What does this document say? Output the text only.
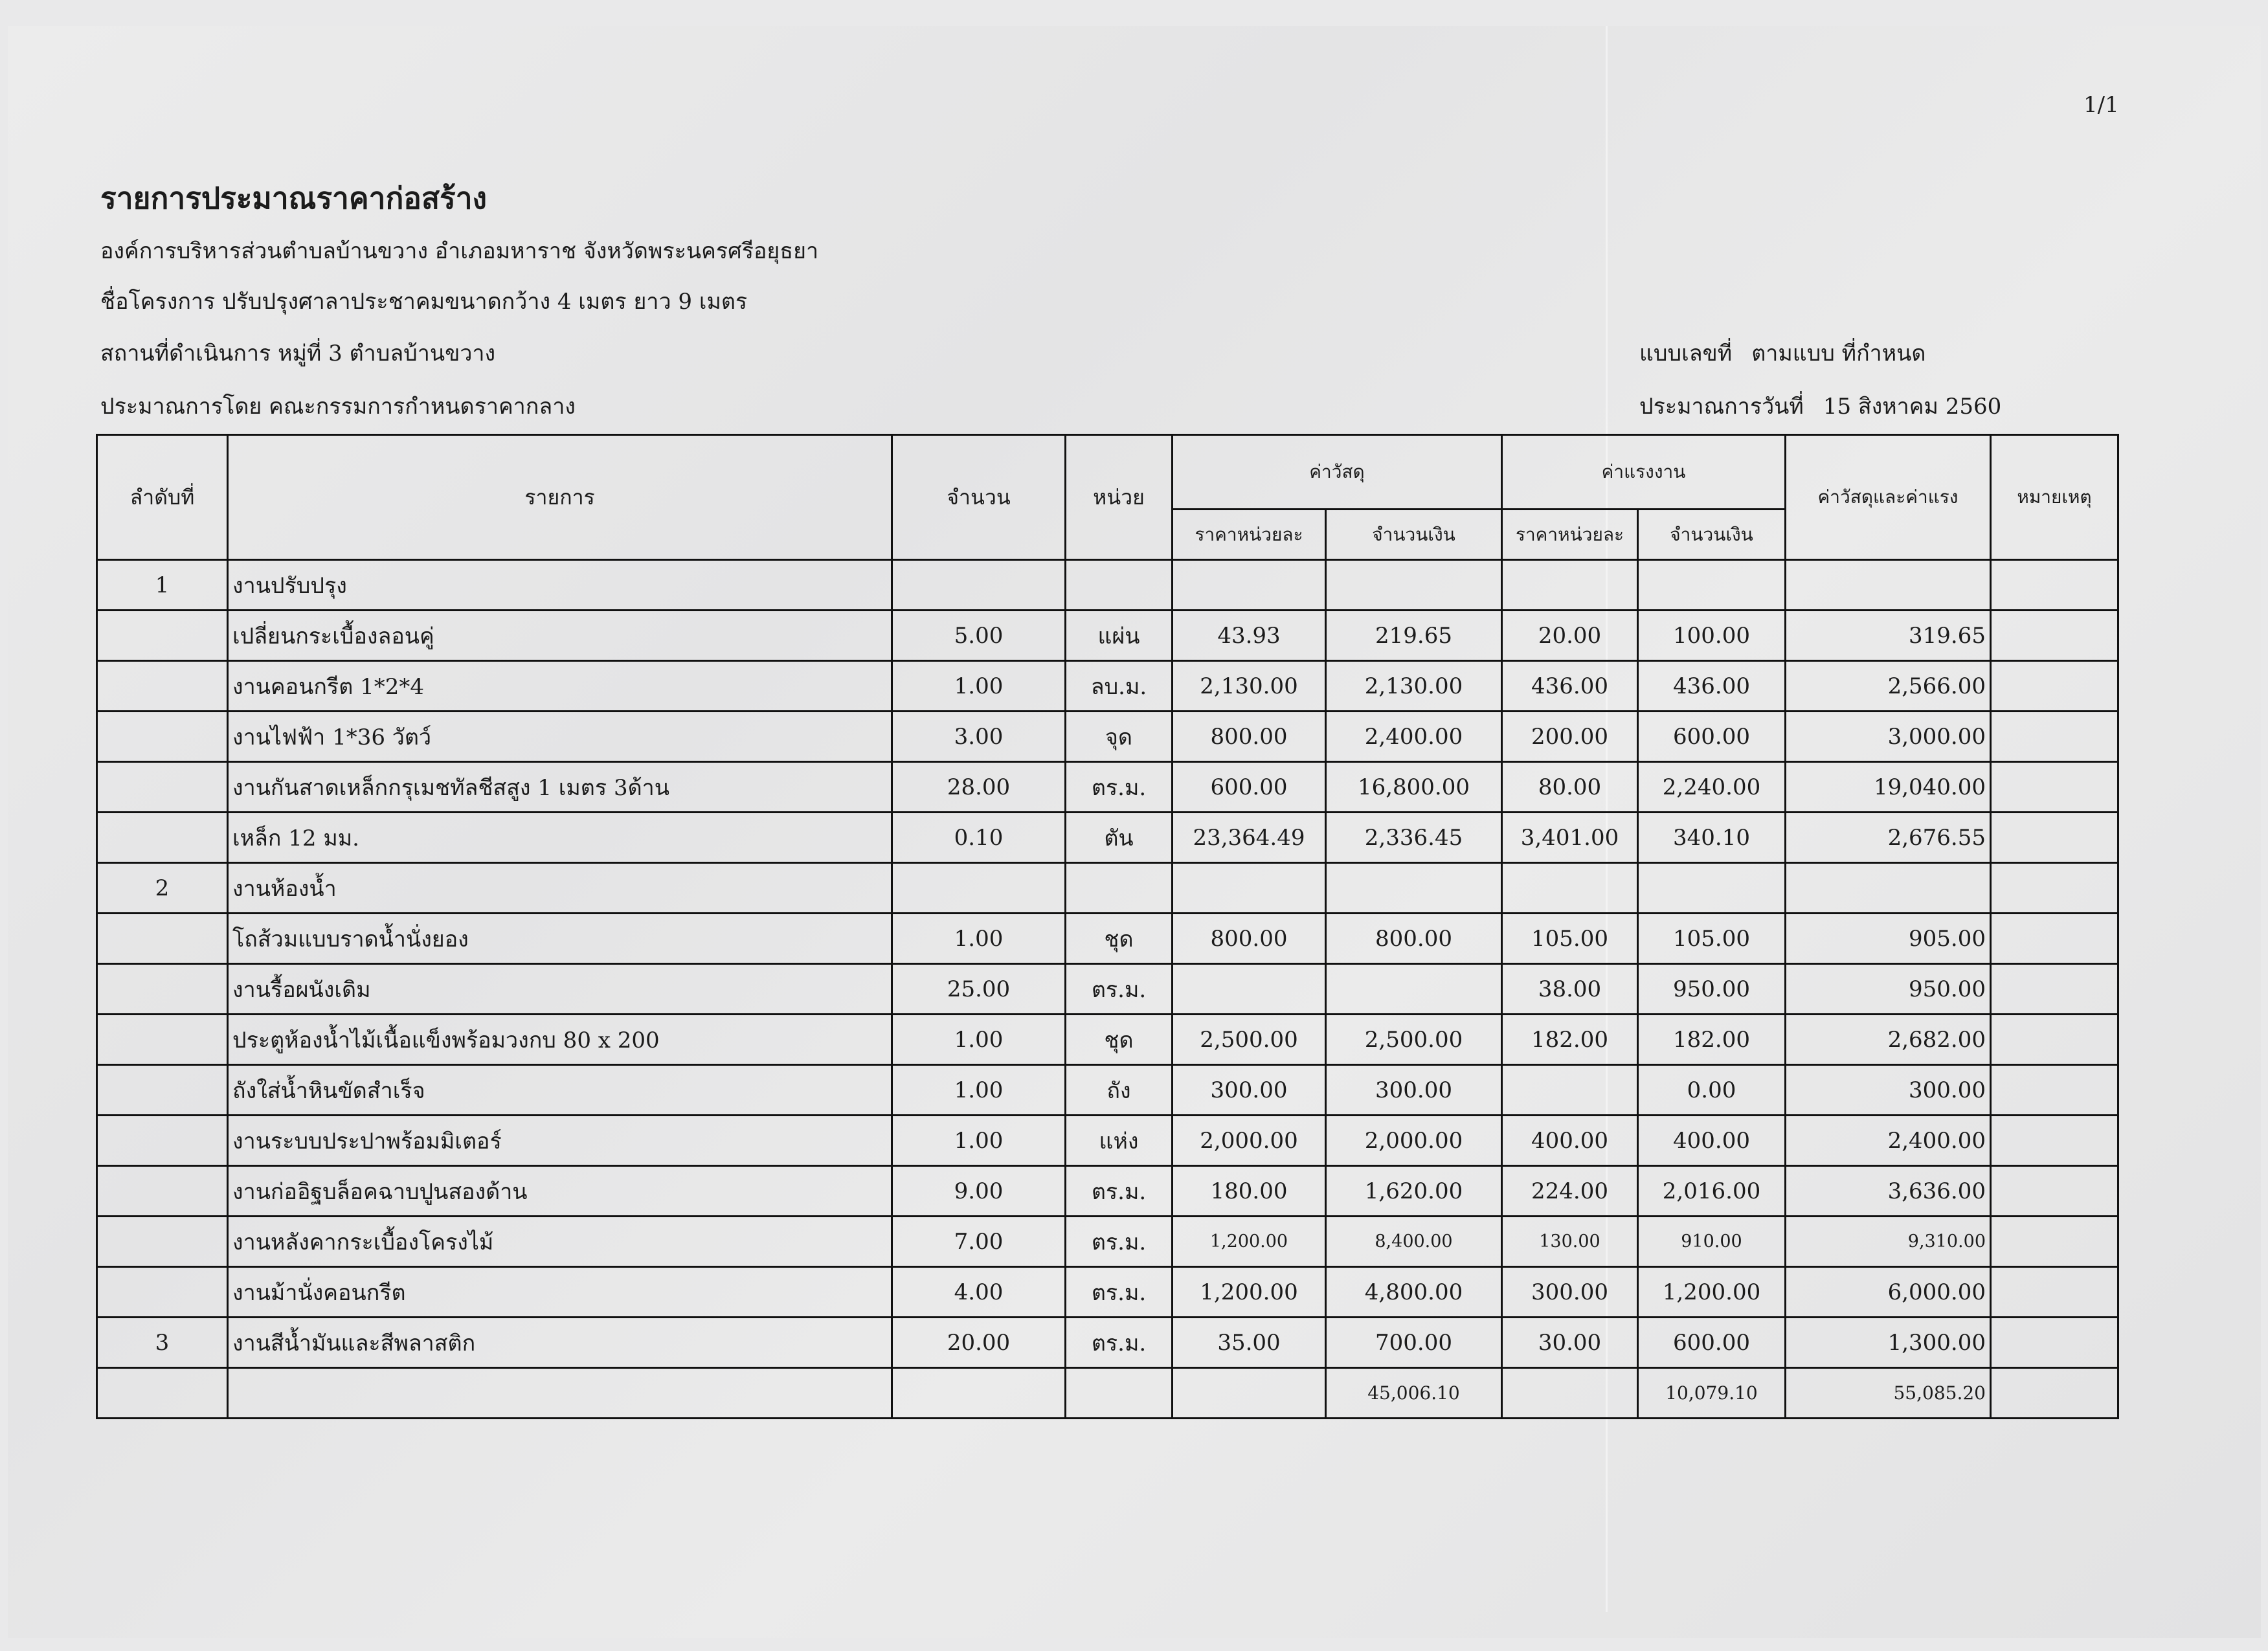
1/1
รายการประมาณราคาก่อสร้าง
องค์การบริหารส่วนตำบลบ้านขวาง อำเภอมหาราช จังหวัดพระนครศรีอยุธยา
ชื่อโครงการ ปรับปรุงศาลาประชาคมขนาดกว้าง 4 เมตร ยาว 9 เมตร
สถานที่ดำเนินการ หมู่ที่ 3 ตำบลบ้านขวาง
ประมาณการโดย คณะกรรมการกำหนดราคากลาง
แบบเลขที่ ตามแบบ ที่กำหนด
ประมาณการวันที่ 15 สิงหาคม 2560
ลำดับที่	รายการ	จำนวน	หน่วย	ค่าวัสดุ		ค่าแรงงาน		ค่าวัสดุและค่าแรง	หมายเหตุ
				ราคาหน่วยละ	จำนวนเงิน	ราคาหน่วยละ	จำนวนเงิน		
1	งานปรับปรุง								
	เปลี่ยนกระเบื้องลอนคู่	5.00	แผ่น	43.93	219.65	20.00	100.00	319.65	
	งานคอนกรีต 1*2*4	1.00	ลบ.ม.	2,130.00	2,130.00	436.00	436.00	2,566.00	
	งานไฟฟ้า 1*36 วัตว์	3.00	จุด	800.00	2,400.00	200.00	600.00	3,000.00	
	งานกันสาดเหล็กกรุเมชทัลชีสสูง 1 เมตร 3ด้าน	28.00	ตร.ม.	600.00	16,800.00	80.00	2,240.00	19,040.00	
	เหล็ก 12 มม.	0.10	ตัน	23,364.49	2,336.45	3,401.00	340.10	2,676.55	
2	งานห้องน้ำ								
	โถส้วมแบบราดน้ำนั่งยอง	1.00	ชุด	800.00	800.00	105.00	105.00	905.00	
	งานรื้อผนังเดิม	25.00	ตร.ม.			38.00	950.00	950.00	
	ประตูห้องน้ำไม้เนื้อแข็งพร้อมวงกบ 80 x 200	1.00	ชุด	2,500.00	2,500.00	182.00	182.00	2,682.00	
	ถังใส่น้ำหินขัดสำเร็จ	1.00	ถัง	300.00	300.00		0.00	300.00	
	งานระบบประปาพร้อมมิเตอร์	1.00	แห่ง	2,000.00	2,000.00	400.00	400.00	2,400.00	
	งานก่ออิฐบล็อคฉาบปูนสองด้าน	9.00	ตร.ม.	180.00	1,620.00	224.00	2,016.00	3,636.00	
	งานหลังคากระเบื้องโครงไม้	7.00	ตร.ม.	1,200.00	8,400.00	130.00	910.00	9,310.00	
	งานม้านั่งคอนกรีต	4.00	ตร.ม.	1,200.00	4,800.00	300.00	1,200.00	6,000.00	
3	งานสีน้ำมันและสีพลาสติก	20.00	ตร.ม.	35.00	700.00	30.00	600.00	1,300.00	
					45,006.10		10,079.10	55,085.20	
